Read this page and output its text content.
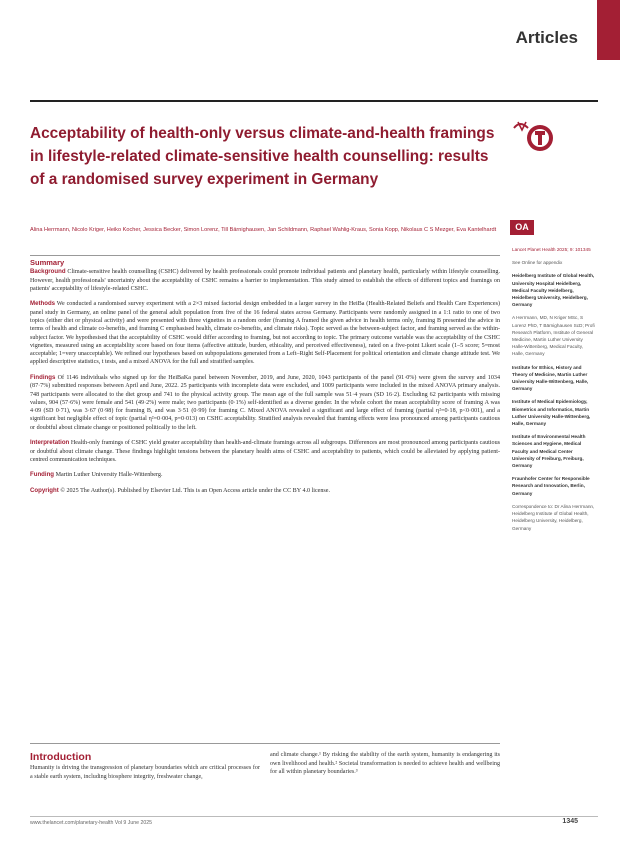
Articles
Acceptability of health-only versus climate-and-health framings in lifestyle-related climate-sensitive health counselling: results of a randomised survey experiment in Germany
OA
Alina Herrmann, Nicolo Kriger, Heiko Kocher, Jessica Becker, Simon Lorenz, Till Bärnighausen, Jan Schildmann, Raphael Wahlig-Kraus, Sonia Kopp, Nikolaus C S Mezger, Eva Kantelhardt
Summary

Background Climate-sensitive health counselling (CSHC) delivered by health professionals could promote individual patients and planetary health, particularly within lifestyle counselling. However, health professionals' uncertainty about the acceptability of CSHC remains a barrier to implementation. This study aimed to establish the effects of different topics and framings on patients' acceptability of lifestyle-related CSHC.

Methods We conducted a randomised survey experiment with a 2×3 mixed factorial design embedded in a larger survey in the HeiBa (Health-Related Beliefs and Health Care Experiences) panel study in Germany, an online panel of the general adult population from five of the 16 federal states across Germany. Participants were randomly assigned in a 1:1 ratio to one of two topics (either diet or physical activity) and were presented with three vignettes in a random order (framing A framed the given advice in health terms only, framing B presented the advice in terms of health and climate co-benefits, and framing C emphasised health, climate co-benefits, and climate risks). Topic served as the between-subject factor, and framing served as the within-subject factor. We hypothesised that the acceptability of CSHC would differ according to framing, but not according to topic. The primary outcome variable was the acceptability of the CSHC vignettes, measured using an acceptability score based on four items (affective attitude, burden, ethicality, and perceived effectiveness), rated on a five-point Likert scale (1–5 score; 5=most acceptable; 1=very unacceptable). We refined our hypotheses based on subpopulations generated from a Left–Right Self-Placement for political orientation and climate change attitude test. We applied descriptive statistics, t tests, and a mixed ANOVA for the full and stratified samples.

Findings Of 1146 individuals who signed up for the HeiBaKa panel between November, 2019, and June, 2020, 1043 participants of the panel (91·0%) were given the survey and 1034 (87·7%) submitted responses between April and June, 2022. 25 participants with incomplete data were excluded, and 1009 participants were included in the mixed ANOVA primary analysis. 748 participants were allocated to the diet group and 741 to the physical activity group. The mean age of the full sample was 51·4 years (SD 16·2). Excluding 62 participants with missing values, 904 (57·6%) were female and 541 (49·2%) were male; two participants (0·1%) self-identified as a diverse gender. In the whole cohort the mean acceptability score of framing A was 4·09 (SD 0·71), was 3·67 (0·98) for framing B, and was 3·51 (0·99) for framing C. Mixed ANOVA revealed a significant and large effect of framing (partial η²=0·18, p<0·001), and a significant but negligible effect of topic (partial η²=0·004, p=0·013) on CSHC acceptability. Stratified analysis revealed that framing effects were less pronounced among participants cautious or doubtful about climate change or positioned politically to the left.

Interpretation Health-only framings of CSHC yield greater acceptability than health-and-climate framings across all subgroups. Differences are most pronounced among participants cautious or doubtful about climate change. These findings highlight tensions between the planetary health aims of CSHC and acceptability to patients, which could be alleviated by applying patient-centred communication techniques.

Funding Martin Luther University Halle-Wittenberg.

Copyright © 2025 The Author(s). Published by Elsevier Ltd. This is an Open Access article under the CC BY 4.0 license.

Introduction
Humanity is driving the transgression of planetary boundaries which are critical processes for a stable earth system, including biosphere integrity, freshwater change,
and climate change.¹ By risking the stability of the earth system, humanity is endangering its own livelihood and health.² Societal transformation is needed to achieve health and wellbeing for all within planetary boundaries.³

Lancet Planet Health 2025; 9: 101345

See Online for appendix

Heidelberg Institute of Global Health, University Hospital Heidelberg, Medical Faculty Heidelberg, Heidelberg University, Heidelberg, Germany

A Herrmann, MD, N Kriger MSc, S Lorenz PhD, T Bärnighausen ScD; Profi Research Platform, Institute of General Medicine, Martin Luther University Halle-Wittenberg, Medical Faculty, Halle, Germany

Institute for Ethics, History and Theory of Medicine, Martin Luther University Halle-Wittenberg, Halle, Germany

Institute of Medical Epidemiology, Biometrics and Informatics, Martin Luther University Halle-Wittenberg, Halle, Germany

Institute of Environmental Health Sciences and Hygiene, Medical Faculty and Medical Center University of Freiburg, Freiburg, Germany

Fraunhofer Center for Responsible Research and Innovation, Berlin, Germany

Correspondence to: Dr Alina Herrmann, Heidelberg Institute of Global Health, Heidelberg University, Heidelberg, Germany

www.thelancet.com/planetary-health Vol 9 June 2025	1345
